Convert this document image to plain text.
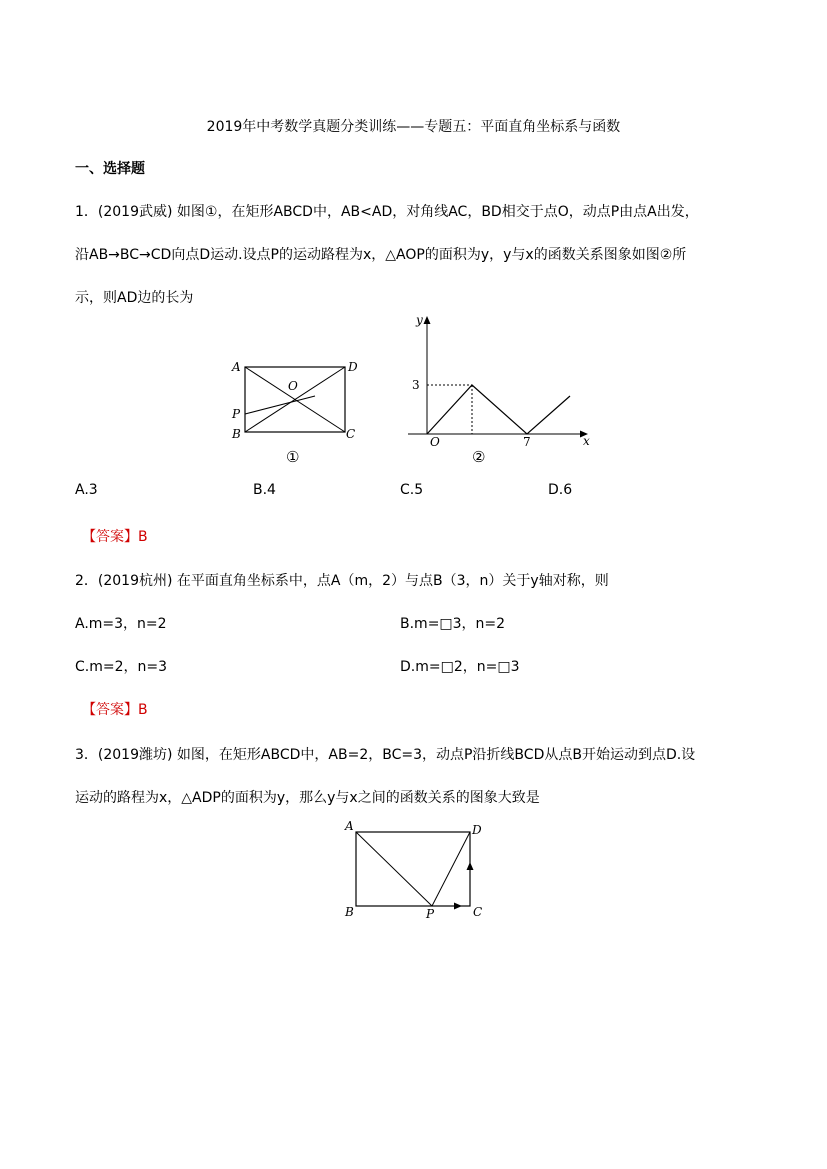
2019年中考数学真题分类训练——专题五：平面直角坐标系与函数
一、选择题
1．(2019武威) 如图①，在矩形ABCD中，AB<AD，对角线AC，BD相交于点O，动点P由点A出发，
沿AB→BC→CD向点D运动.设点P的运动路程为x，△AOP的面积为y，y与x的函数关系图象如图②所
示，则AD边的长为
A	D
O
P
B	C
①
y
x
O
3
7
②
A.3	B.4	C.5	D.6
【答案】B
2．(2019杭州) 在平面直角坐标系中，点A（m，2）与点B（3，n）关于y轴对称，则
A.m=3，n=2	B.m=□3，n=2
C.m=2，n=3	D.m=□2，n=□3
【答案】B
3．(2019潍坊) 如图，在矩形ABCD中，AB=2，BC=3，动点P沿折线BCD从点B开始运动到点D.设
运动的路程为x，△ADP的面积为y，那么y与x之间的函数关系的图象大致是
A	D
B	P	C
